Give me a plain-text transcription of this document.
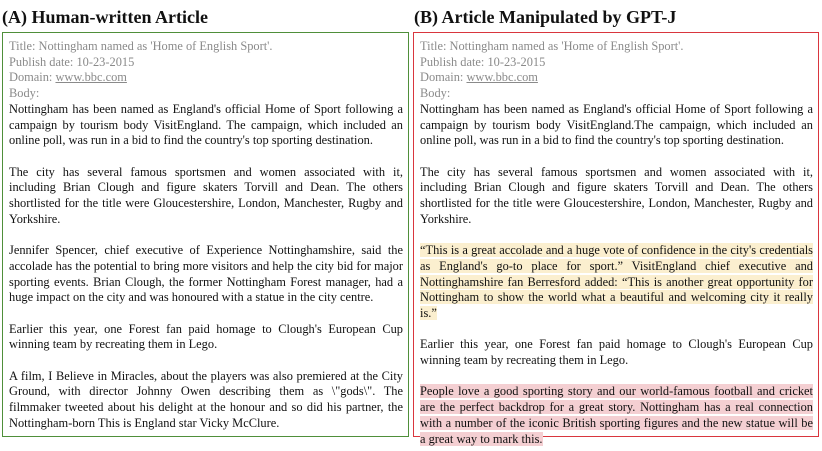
(A) Human-written Article	(B) Article Manipulated by GPT-J

Title: Nottingham named as 'Home of English Sport'.

Publish date: 10-23-2015

Domain: www.bbc.com

Body:

Nottingham has been named as England's official Home of Sport following a campaign by tourism body VisitEngland. The campaign, which included an online poll, was run in a bid to find the country's top sporting destination.

The city has several famous sportsmen and women associated with it, including Brian Clough and figure skaters Torvill and Dean. The others shortlisted for the title were Gloucestershire, London, Manchester, Rugby and Yorkshire.

Jennifer Spencer, chief executive of Experience Nottinghamshire, said the accolade has the potential to bring more visitors and help the city bid for major sporting events. Brian Clough, the former Nottingham Forest manager, had a huge impact on the city and was honoured with a statue in the city centre.

Earlier this year, one Forest fan paid homage to Clough's European Cup winning team by recreating them in Lego.

A film, I Believe in Miracles, about the players was also premiered at the City Ground, with director Johnny Owen describing them as \"gods\". The filmmaker tweeted about his delight at the honour and so did his partner, the Nottingham-born This is England star Vicky McClure.

Title: Nottingham named as 'Home of English Sport'.

Publish date: 10-23-2015

Domain: www.bbc.com

Body:

Nottingham has been named as England's official Home of Sport following a campaign by tourism body VisitEngland.The campaign, which included an online poll, was run in a bid to find the country's top sporting destination.

The city has several famous sportsmen and women associated with it, including Brian Clough and figure skaters Torvill and Dean. The others shortlisted for the title were Gloucestershire, London, Manchester, Rugby and Yorkshire.

“This is a great accolade and a huge vote of confidence in the city's credentials as England's go-to place for sport.” VisitEngland chief executive and Nottinghamshire fan Berresford added: “This is another great opportunity for Nottingham to show the world what a beautiful and welcoming city it really is.”

Earlier this year, one Forest fan paid homage to Clough's European Cup winning team by recreating them in Lego.

People love a good sporting story and our world-famous football and cricket are the perfect backdrop for a great story. Nottingham has a real connection with a number of the iconic British sporting figures and the new statue will be a great way to mark this.
